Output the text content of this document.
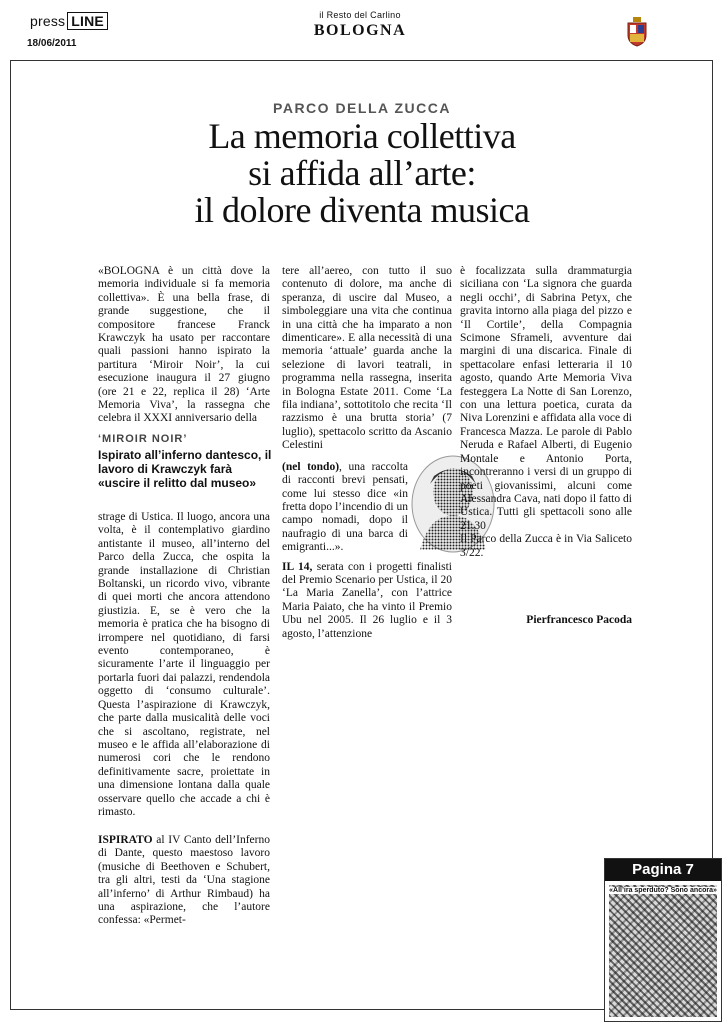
press LINE
18/06/2011
il Resto del Carlino
BOLOGNA
PARCO DELLA ZUCCA
La memoria collettiva
si affida all’arte:
il dolore diventa musica

«BOLOGNA è un città dove la memoria individuale si fa memoria collettiva». È una bella frase, di grande suggestione, che il compositore francese Franck Krawczyk ha usato per raccontare quali passioni hanno ispirato la partitura ‘Miroir Noir’, la cui esecuzione inaugura il 27 giugno (ore 21 e 22, replica il 28) ‘Arte Memoria Viva’, la rassegna che celebra il XXXI anniversario della

‘MIROIR NOIR’
Ispirato all’inferno dantesco, il lavoro di Krawczyk farà «uscire il relitto dal museo»

strage di Ustica. Il luogo, ancora una volta, è il contemplativo giardino antistante il museo, all’interno del Parco della Zucca, che ospita la grande installazione di Christian Boltanski, un ricordo vivo, vibrante di quei morti che ancora attendono giustizia. E, se è vero che la memoria è pratica che ha bisogno di irrompere nel quotidiano, di farsi evento contemporaneo, è sicuramente l’arte il linguaggio per portarla fuori dai palazzi, rendendola oggetto di ‘consumo culturale’. Questa l’aspirazione di Krawczyk, che parte dalla musicalità delle voci che si ascoltano, registrate, nel museo e le affida all’elaborazione di numerosi cori che le rendono definitivamente sacre, proiettate in una dimensione lontana dalla quale osservare quello che accade a chi è rimasto.

ISPIRATO al IV Canto dell’Inferno di Dante, questo maestoso lavoro (musiche di Beethoven e Schubert, tra gli altri, testi da ‘Una stagione all’inferno’ di Arthur Rimbaud) ha una aspirazione, che l’autore confessa: «Permet-

tere all’aereo, con tutto il suo contenuto di dolore, ma anche di speranza, di uscire dal Museo, a simboleggiare una vita che continua in una città che ha imparato a non dimenticare». E alla necessità di una memoria ‘attuale’ guarda anche la selezione di lavori teatrali, in programma nella rassegna, inserita in Bologna Estate 2011. Come ‘La fila indiana’, sottotitolo che recita ‘Il razzismo è una brutta storia’ (7 luglio), spettacolo scritto da Ascanio Celestini

(nel tondo), una raccolta di racconti brevi pensati, come lui stesso dice «in fretta dopo l’incendio di un campo nomadi, dopo il naufragio di una barca di emigranti...».

IL 14, serata con i progetti finalisti del Premio Scenario per Ustica, il 20 ‘La Maria Zanella’, con l’attrice Maria Paiato, che ha vinto il Premio Ubu nel 2005. Il 26 luglio e il 3 agosto, l’attenzione

è focalizzata sulla drammaturgia siciliana con ‘La signora che guarda negli occhi’, di Sabrina Petyx, che gravita intorno alla piaga del pizzo e ‘Il Cortile’, della Compagnia Scimone Sframeli, avventure dai margini di una discarica. Finale di spettacolare enfasi letteraria il 10 agosto, quando Arte Memoria Viva festeggera La Notte di San Lorenzo, con una lettura poetica, curata da Niva Lorenzini e affidata alla voce di Francesca Mazza. Le parole di Pablo Neruda e Rafael Alberti, di Eugenio Montale e Antonio Porta, incontreranno i versi di un gruppo di poeti giovanissimi, alcuni come Alessandra Cava, nati dopo il fatto di Ustica. Tutti gli spettacoli sono alle 21.30

Il Parco della Zucca è in Via Saliceto 3/22.

Pierfrancesco Pacoda
Pagina 7
«All’ira sperduto? Sono ancora»
